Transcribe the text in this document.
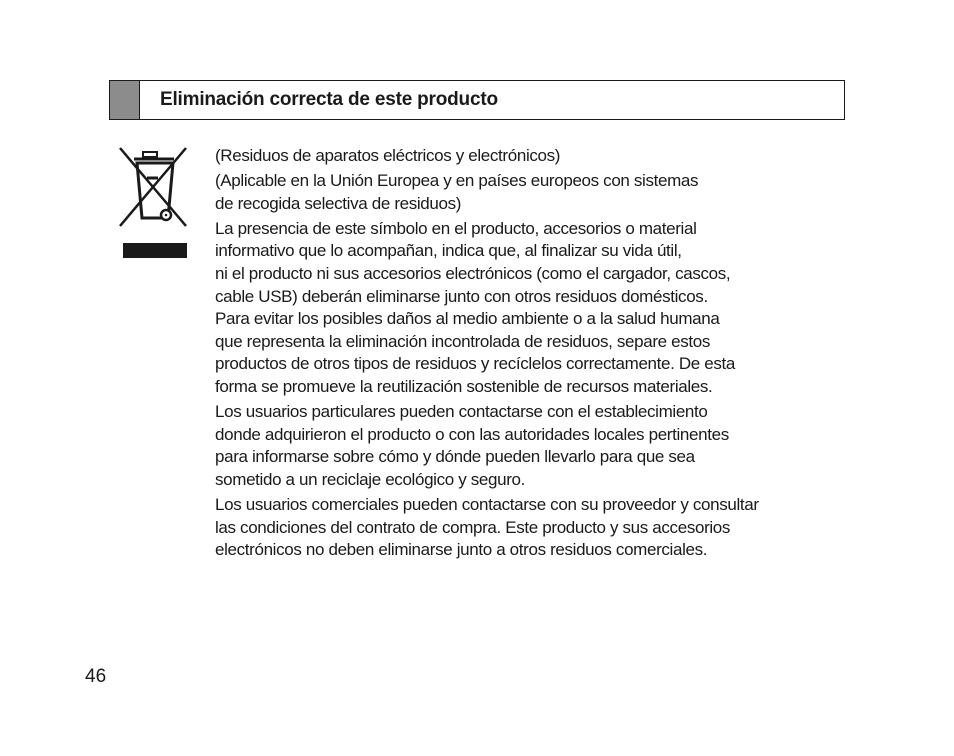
Eliminación correcta de este producto

(Residuos de aparatos eléctricos y electrónicos)

(Aplicable en la Unión Europea y en países europeos con sistemas
de recogida selectiva de residuos)

La presencia de este símbolo en el producto, accesorios o material
informativo que lo acompañan, indica que, al finalizar su vida útil,
ni el producto ni sus accesorios electrónicos (como el cargador, cascos,
cable USB) deberán eliminarse junto con otros residuos domésticos.
Para evitar los posibles daños al medio ambiente o a la salud humana
que representa la eliminación incontrolada de residuos, separe estos
productos de otros tipos de residuos y recíclelos correctamente. De esta
forma se promueve la reutilización sostenible de recursos materiales.

Los usuarios particulares pueden contactarse con el establecimiento
donde adquirieron el producto o con las autoridades locales pertinentes
para informarse sobre cómo y dónde pueden llevarlo para que sea
sometido a un reciclaje ecológico y seguro.

Los usuarios comerciales pueden contactarse con su proveedor y consultar
las condiciones del contrato de compra. Este producto y sus accesorios
electrónicos no deben eliminarse junto a otros residuos comerciales.

46
